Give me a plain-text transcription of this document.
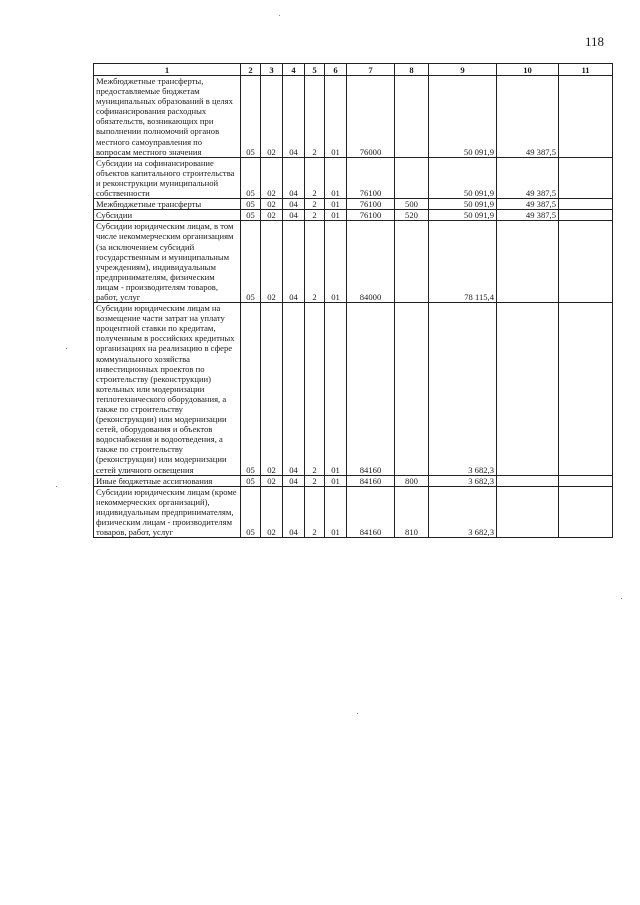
118
1	2	3	4	5	6	7	8	9	10	11
Межбюджетные трансферты, предоставляемые бюджетам муниципальных образований в целях софинансирования расходных обязательств, возникающих при выполнении полномочий органов местного самоуправления по вопросам местного значения	05	02	04	2	01	76000		50 091,9	49 387,5	
Субсидии на софинансирование объектов капитального строительства и реконструкции муниципальной собственности	05	02	04	2	01	76100		50 091,9	49 387,5	
Межбюджетные трансферты	05	02	04	2	01	76100	500	50 091,9	49 387,5	
Субсидии	05	02	04	2	01	76100	520	50 091,9	49 387,5	
Субсидии юридическим лицам, в том числе некоммерческим организациям (за исключением субсидий государственным и муниципальным учреждениям), индивидуальным предпринимателям, физическим лицам - производителям товаров, работ, услуг	05	02	04	2	01	84000		78 115,4		
Субсидии юридическим лицам на возмещение части затрат на уплату процентной ставки по кредитам, полученным в российских кредитных организациях на реализацию в сфере коммунального хозяйства инвестиционных проектов по строительству (реконструкции) котельных или модернизации теплотехнического оборудования, а также по строительству (реконструкции) или модернизации сетей, оборудования и объектов водоснабжения и водоотведения, а также по строительству (реконструкции) или модернизации сетей уличного освещения	05	02	04	2	01	84160		3 682,3		
Иные бюджетные ассигнования	05	02	04	2	01	84160	800	3 682,3		
Субсидии юридическим лицам (кроме некоммерческих организаций), индивидуальным предпринимателям, физическим лицам - производителям товаров, работ, услуг	05	02	04	2	01	84160	810	3 682,3		
